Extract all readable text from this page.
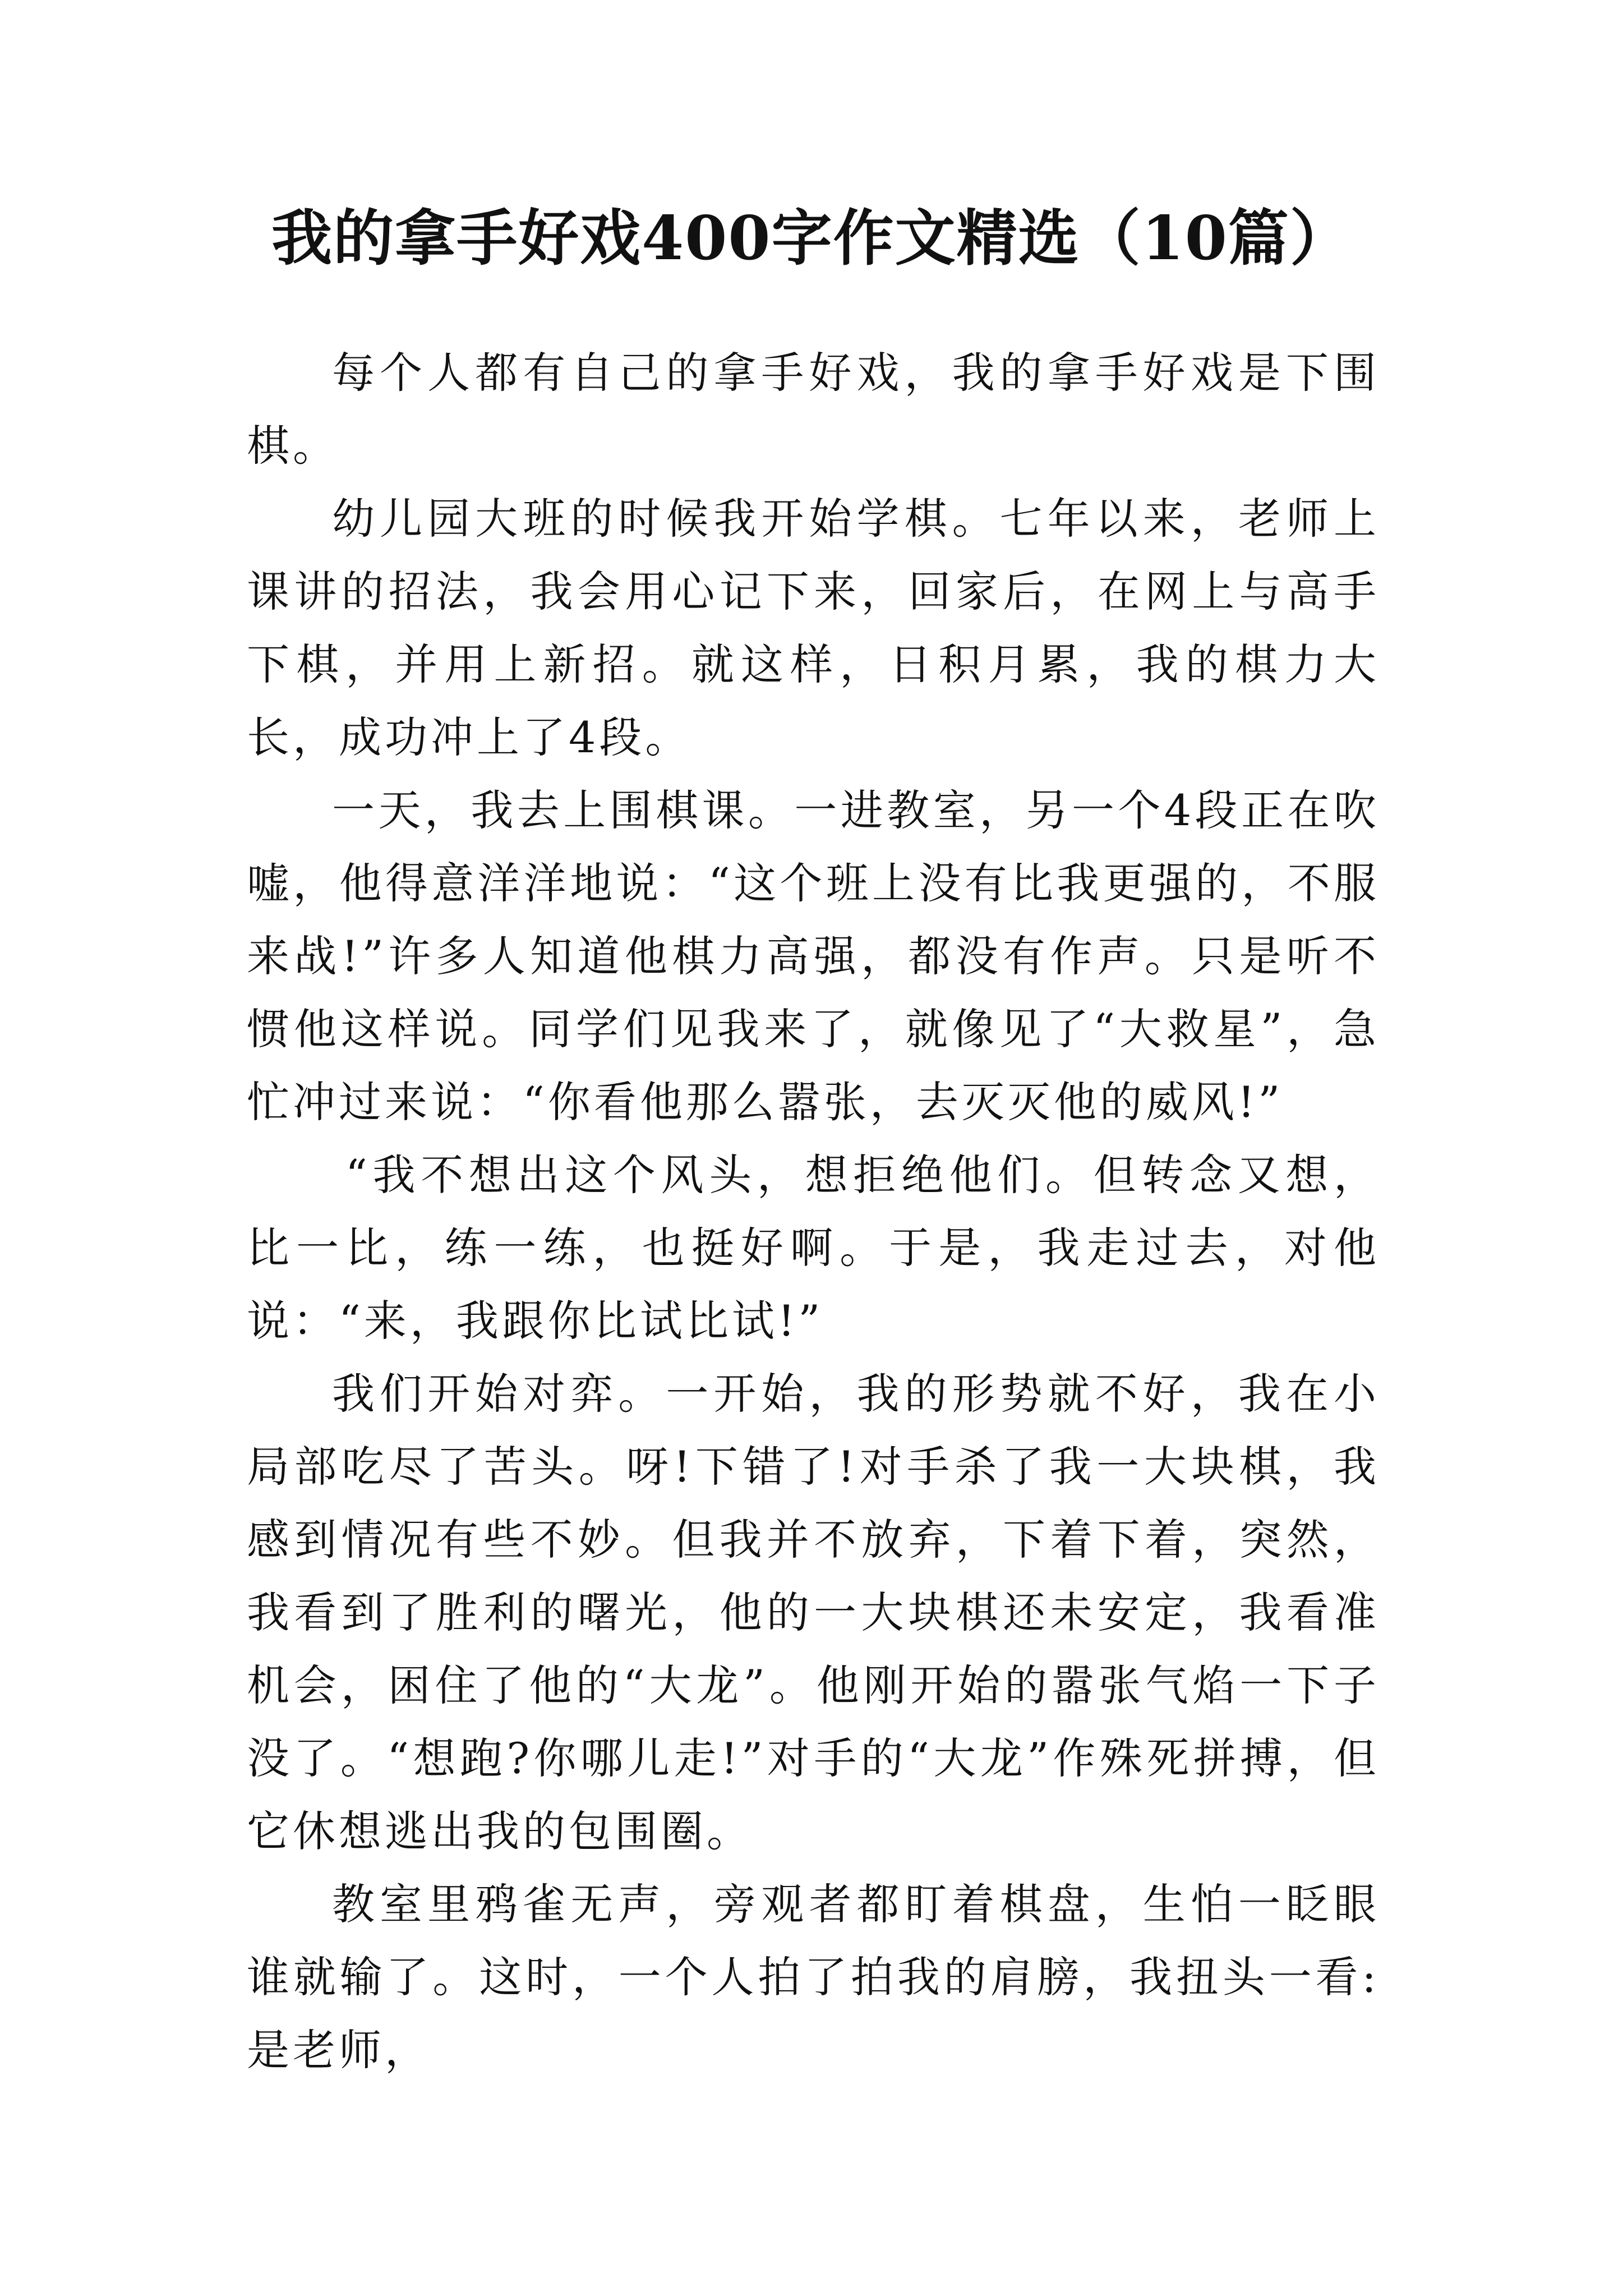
我的拿手好戏400字作文精选（10篇）

每个人都有自己的拿手好戏，我的拿手好戏是下围棋。

幼儿园大班的时候我开始学棋。七年以来，老师上课讲的招法，我会用心记下来，回家后，在网上与高手下棋，并用上新招。就这样，日积月累，我的棋力大长，成功冲上了4段。

一天，我去上围棋课。一进教室，另一个4段正在吹嘘，他得意洋洋地说：“这个班上没有比我更强的，不服来战!”许多人知道他棋力高强，都没有作声。只是听不惯他这样说。同学们见我来了，就像见了“大救星”，急忙冲过来说：“你看他那么嚣张，去灭灭他的威风!”

“我不想出这个风头，想拒绝他们。但转念又想，比一比，练一练，也挺好啊。于是，我走过去，对他说：“来，我跟你比试比试!”

我们开始对弈。一开始，我的形势就不好，我在小局部吃尽了苦头。呀!下错了!对手杀了我一大块棋，我感到情况有些不妙。但我并不放弃，下着下着，突然，我看到了胜利的曙光，他的一大块棋还未安定，我看准机会，困住了他的“大龙”。他刚开始的嚣张气焰一下子没了。“想跑?你哪儿走!”对手的“大龙”作殊死拼搏，但它休想逃出我的包围圈。

教室里鸦雀无声，旁观者都盯着棋盘，生怕一眨眼谁就输了。这时，一个人拍了拍我的肩膀，我扭头一看:是老师，
